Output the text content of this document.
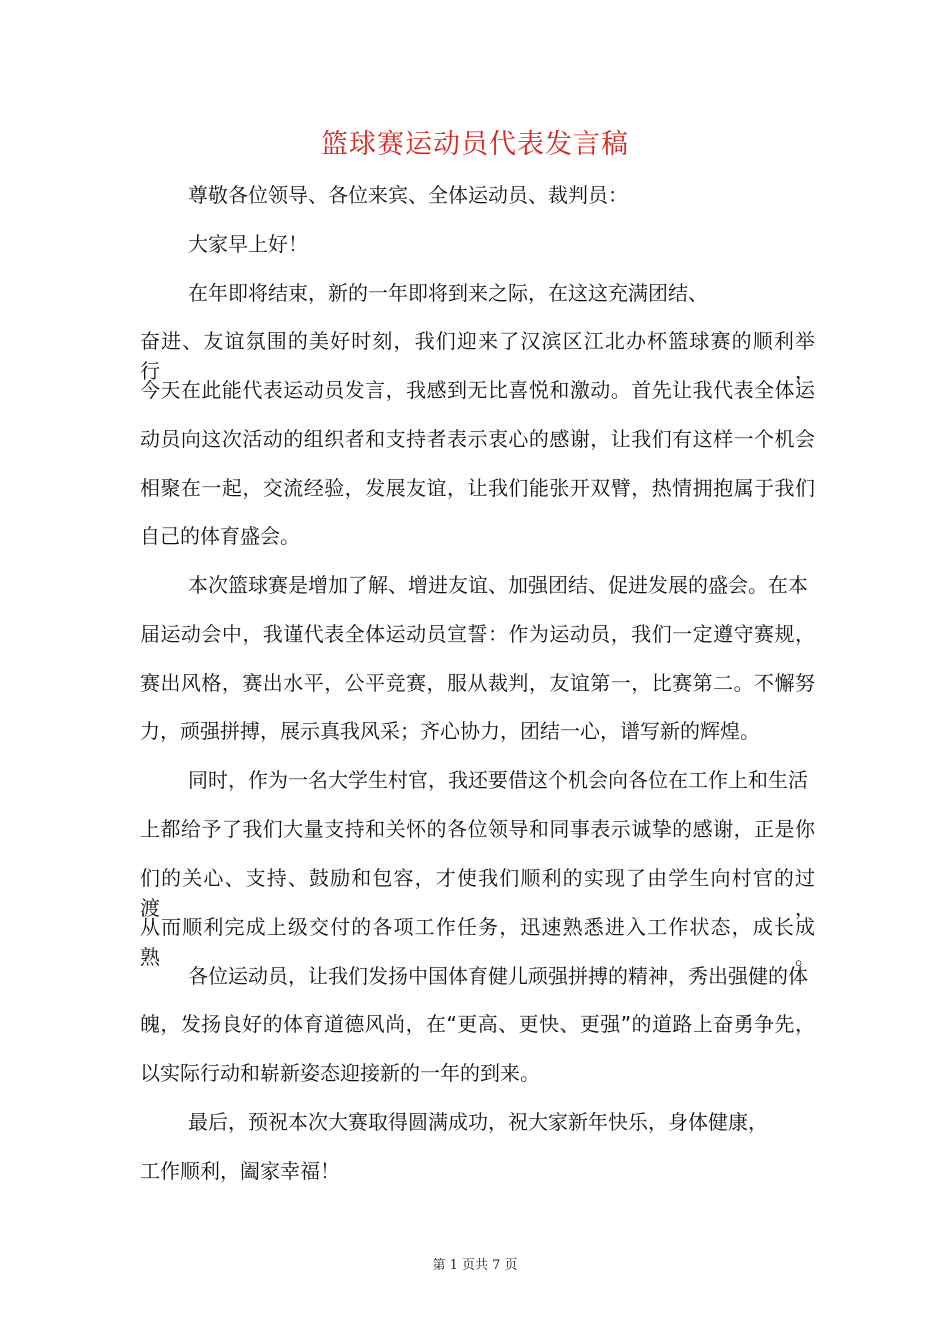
篮球赛运动员代表发言稿

尊敬各位领导、各位来宾、全体运动员、裁判员：

大家早上好！

在年即将结束，新的一年即将到来之际，在这这充满团结、

奋进、友谊氛围的美好时刻，我们迎来了汉滨区江北办杯篮球赛的顺利举行，

今天在此能代表运动员发言，我感到无比喜悦和激动。首先让我代表全体运

动员向这次活动的组织者和支持者表示衷心的感谢，让我们有这样一个机会

相聚在一起，交流经验，发展友谊，让我们能张开双臂，热情拥抱属于我们

自己的体育盛会。

本次篮球赛是增加了解、增进友谊、加强团结、促进发展的盛会。在本

届运动会中，我谨代表全体运动员宣誓：作为运动员，我们一定遵守赛规，

赛出风格，赛出水平，公平竞赛，服从裁判，友谊第一，比赛第二。不懈努

力，顽强拼搏，展示真我风采；齐心协力，团结一心，谱写新的辉煌。

同时，作为一名大学生村官，我还要借这个机会向各位在工作上和生活

上都给予了我们大量支持和关怀的各位领导和同事表示诚挚的感谢，正是你

们的关心、支持、鼓励和包容，才使我们顺利的实现了由学生向村官的过渡，

从而顺利完成上级交付的各项工作任务，迅速熟悉进入工作状态，成长成熟。

各位运动员，让我们发扬中国体育健儿顽强拼搏的精神，秀出强健的体

魄，发扬良好的体育道德风尚，在“更高、更快、更强”的道路上奋勇争先，

以实际行动和崭新姿态迎接新的一年的到来。

最后，预祝本次大赛取得圆满成功，祝大家新年快乐，身体健康，

工作顺利，阖家幸福！

第 1 页共 7 页
